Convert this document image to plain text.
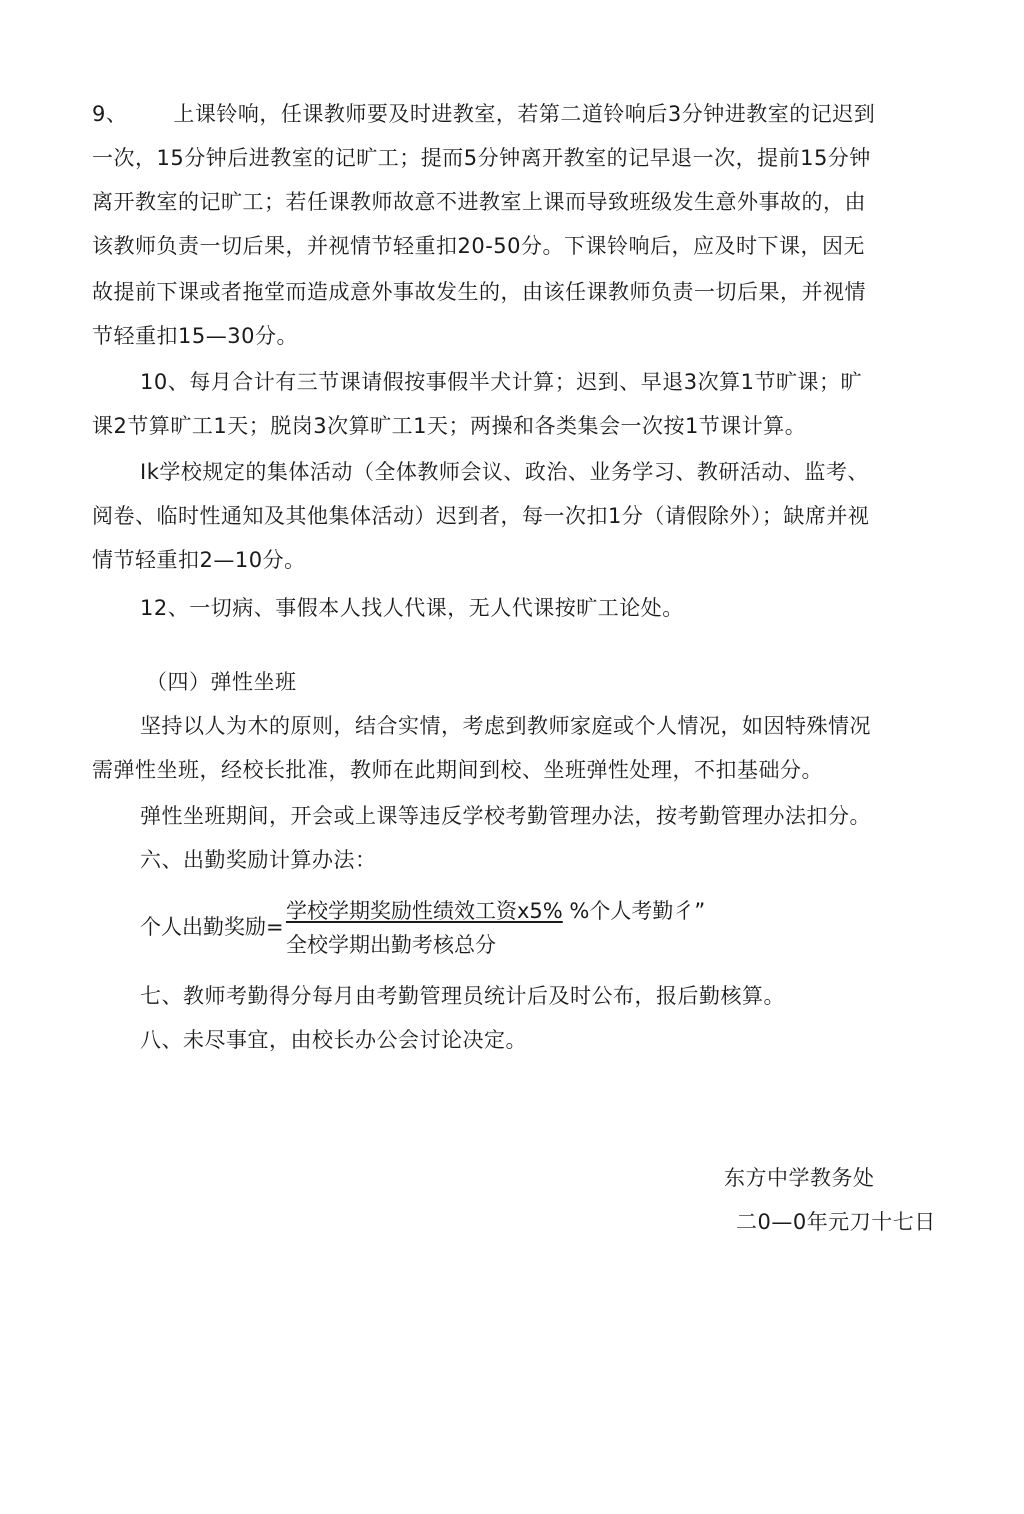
9、 上课铃响，任课教师要及时进教室，若第二道铃响后3分钟进教室的记迟到
一次，15分钟后进教室的记旷工；提而5分钟离开教室的记早退一次，提前15分钟
离开教室的记旷工；若任课教师故意不进教室上课而导致班级发生意外事故的，由
该教师负责一切后果，并视情节轻重扣20-50分。下课铃响后，应及时下课，因无
故提前下课或者拖堂而造成意外事故发生的，由该任课教师负责一切后果，并视情
节轻重扣15—30分。
10、每月合计有三节课请假按事假半犬计算；迟到、早退3次算1节旷课；旷
课2节算旷工1天；脱岗3次算旷工1天；两操和各类集会一次按1节课计算。
Ik学校规定的集体活动（全体教师会议、政治、业务学习、教研活动、监考、
阅卷、临时性通知及其他集体活动）迟到者，每一次扣1分（请假除外）；缺席并视
情节轻重扣2—10分。
12、一切病、事假本人找人代课，无人代课按旷工论处。
（四）弹性坐班
坚持以人为木的原则，结合实情，考虑到教师家庭或个人情况，如因特殊情况
需弹性坐班，经校长批准，教师在此期间到校、坐班弹性处理，不扣基础分。
弹性坐班期间，开会或上课等违反学校考勤管理办法，按考勤管理办法扣分。
六、出勤奖励计算办法：
个人出勤奖励=
学校学期奖励性绩效工资x5% %个人考勤彳”
全校学期出勤考核总分
七、教师考勤得分每月由考勤管理员统计后及时公布，报后勤核算。
八、未尽事宜，由校长办公会讨论决定。
东方中学教务处
二0—0年元刀十七日
